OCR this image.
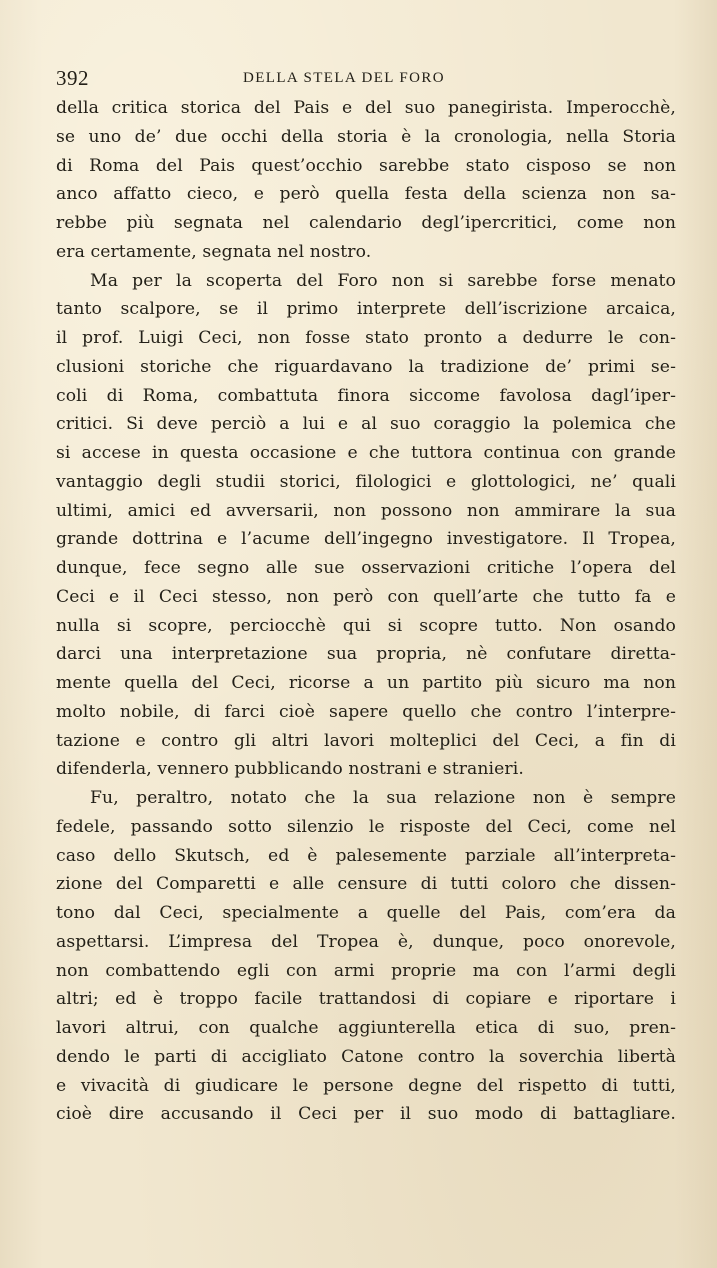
392	DELLA STELA DEL FORO
della critica storica del Pais e del suo panegirista. Imperocchè,
se uno de’ due occhi della storia è la cronologia, nella Storia
di Roma del Pais quest’occhio sarebbe stato cisposo se non
anco affatto cieco, e però quella festa della scienza non sa-
rebbe più segnata nel calendario degl’ipercritici, come non
era certamente, segnata nel nostro.
Ma per la scoperta del Foro non si sarebbe forse menato
tanto scalpore, se il primo interprete dell’iscrizione arcaica,
il prof. Luigi Ceci, non fosse stato pronto a dedurre le con-
clusioni storiche che riguardavano la tradizione de’ primi se-
coli di Roma, combattuta finora siccome favolosa dagl’iper-
critici. Si deve perciò a lui e al suo coraggio la polemica che
si accese in questa occasione e che tuttora continua con grande
vantaggio degli studii storici, filologici e glottologici, ne’ quali
ultimi, amici ed avversarii, non possono non ammirare la sua
grande dottrina e l’acume dell’ingegno investigatore. Il Tropea,
dunque, fece segno alle sue osservazioni critiche l’opera del
Ceci e il Ceci stesso, non però con quell’arte che tutto fa e
nulla si scopre, perciocchè qui si scopre tutto. Non osando
darci una interpretazione sua propria, nè confutare diretta-
mente quella del Ceci, ricorse a un partito più sicuro ma non
molto nobile, di farci cioè sapere quello che contro l’interpre-
tazione e contro gli altri lavori molteplici del Ceci, a fin di
difenderla, vennero pubblicando nostrani e stranieri.
Fu, peraltro, notato che la sua relazione non è sempre
fedele, passando sotto silenzio le risposte del Ceci, come nel
caso dello Skutsch, ed è palesemente parziale all’interpreta-
zione del Comparetti e alle censure di tutti coloro che dissen-
tono dal Ceci, specialmente a quelle del Pais, com’era da
aspettarsi. L’impresa del Tropea è, dunque, poco onorevole,
non combattendo egli con armi proprie ma con l’armi degli
altri; ed è troppo facile trattandosi di copiare e riportare i
lavori altrui, con qualche aggiunterella etica di suo, pren-
dendo le parti di accigliato Catone contro la soverchia libertà
e vivacità di giudicare le persone degne del rispetto di tutti,
cioè dire accusando il Ceci per il suo modo di battagliare.
